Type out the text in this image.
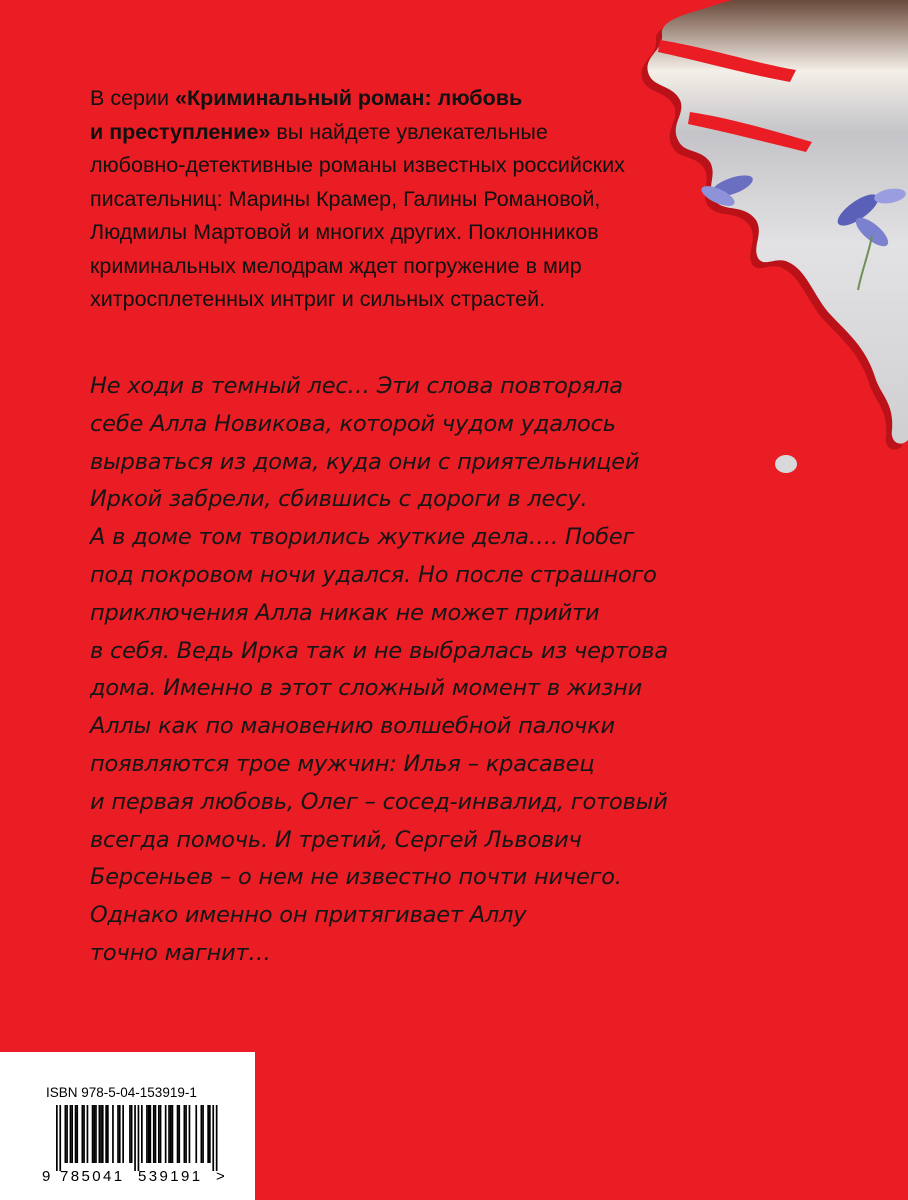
В серии «Криминальный роман: любовь
и преступление» вы найдете увлекательные
любовно-детективные романы известных российских
писательниц: Марины Крамер, Галины Романовой,
Людмилы Мартовой и многих других. Поклонников
криминальных мелодрам ждет погружение в мир
хитросплетенных интриг и сильных страстей.
Не ходи в темный лес… Эти слова повторяла
себе Алла Новикова, которой чудом удалось
вырваться из дома, куда они с приятельницей
Иркой забрели, сбившись с дороги в лесу.
А в доме том творились жуткие дела…. Побег
под покровом ночи удался. Но после страшного
приключения Алла никак не может прийти
в себя. Ведь Ирка так и не выбралась из чертова
дома. Именно в этот сложный момент в жизни
Аллы как по мановению волшебной палочки
появляются трое мужчин: Илья – красавец
и первая любовь, Олег – сосед-инвалид, готовый
всегда помочь. И третий, Сергей Львович
Берсеньев – о нем не известно почти ничего.
Однако именно он притягивает Аллу
точно магнит…
ISBN 978-5-04-153919-1
9 785041 539191 >
